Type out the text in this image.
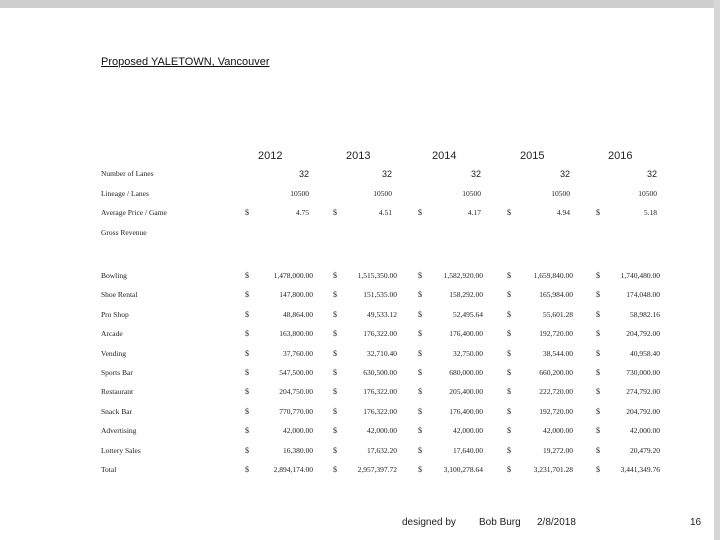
Proposed YALETOWN, Vancouver
2012	2013	2014	2015	2016
Number of Lanes	32	32	32	32	32
Lineage / Lanes	10500	10500	10500	10500	10500
Average Price / Game	$	4.75	$	4.51	$	4.17	$	4.94	$	5.18
Gross Revenue
Bowling	$	1,478,000.00	$	1,515,350.00	$	1,582,920.00	$	1,659,840.00	$	1,740,480.00
Shoe Rental	$	147,800.00	$	151,535.00	$	158,292.00	$	165,984.00	$	174,048.00
Pro Shop	$	48,864.00	$	49,533.12	$	52,495.64	$	55,601.28	$	58,982.16
Arcade	$	163,800.00	$	176,322.00	$	176,400.00	$	192,720.00	$	204,792.00
Vending	$	37,760.00	$	32,710.40	$	32,750.00	$	38,544.00	$	40,958.40
Sports Bar	$	547,500.00	$	630,500.00	$	680,000.00	$	660,200.00	$	730,000.00
Restaurant	$	204,750.00	$	176,322.00	$	205,400.00	$	222,720.00	$	274,792.00
Snack Bar	$	770,770.00	$	176,322.00	$	176,400.00	$	192,720.00	$	204,792.00
Advertising	$	42,000.00	$	42,000.00	$	42,000.00	$	42,000.00	$	42,000.00
Lottery Sales	$	16,380.00	$	17,632.20	$	17,640.00	$	19,272.00	$	20,479.20
Total	$	2,894,174.00	$	2,957,397.72	$	3,100,278.64	$	3,231,701.28	$	3,441,349.76
designed by Bob Burg 2/8/2018	16
